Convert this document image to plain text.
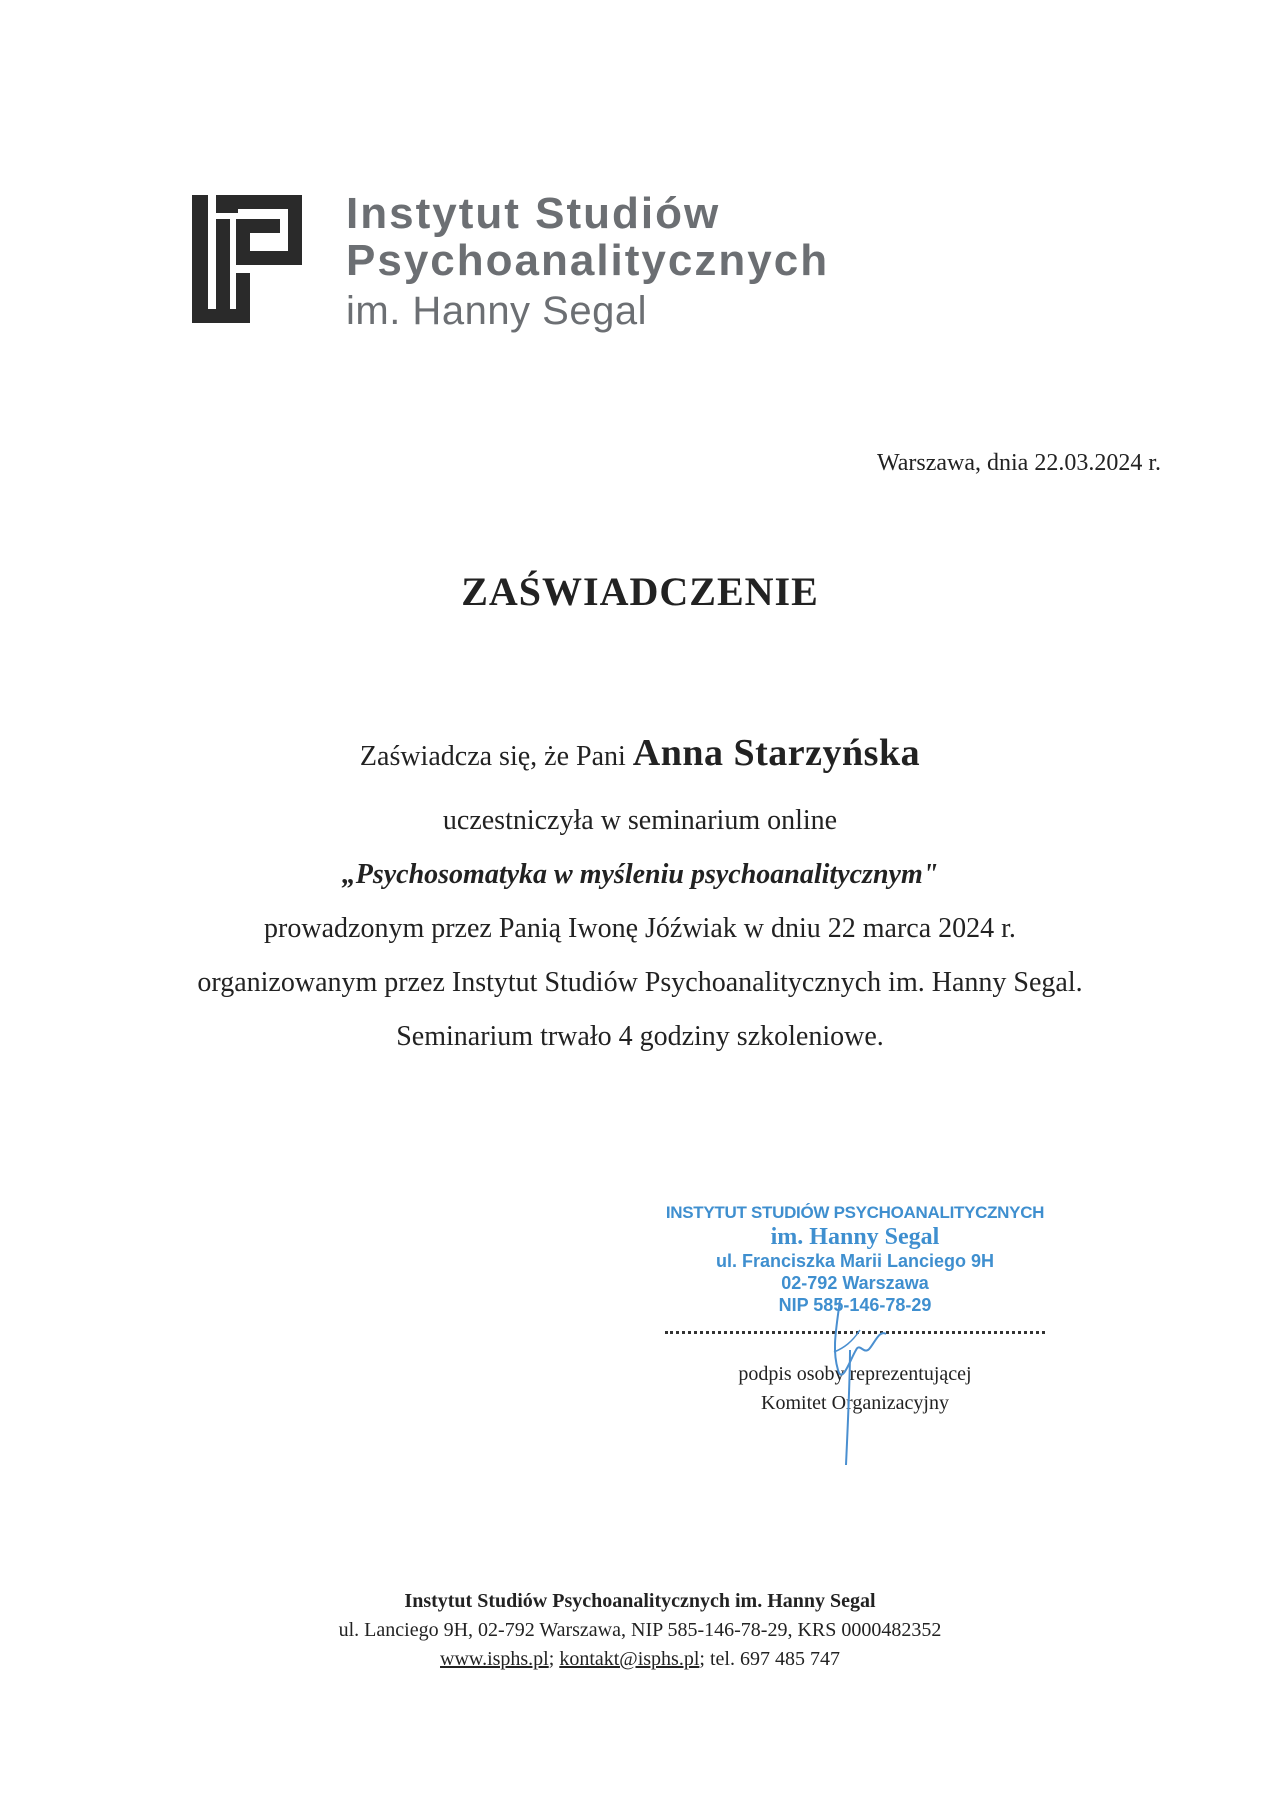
Instytut Studiów
Psychoanalitycznych
im. Hanny Segal
Warszawa, dnia 22.03.2024 r.
ZAŚWIADCZENIE
Zaświadcza się, że Pani Anna Starzyńska
uczestniczyła w seminarium online
„Psychosomatyka w myśleniu psychoanalitycznym"
prowadzonym przez Panią Iwonę Jóźwiak w dniu 22 marca 2024 r.
organizowanym przez Instytut Studiów Psychoanalitycznych im. Hanny Segal.
Seminarium trwało 4 godziny szkoleniowe.
INSTYTUT STUDIÓW PSYCHOANALITYCZNYCH
im. Hanny Segal
ul. Franciszka Marii Lanciego 9H
02-792 Warszawa
NIP 585-146-78-29
podpis osoby reprezentującej
Komitet Organizacyjny
Instytut Studiów Psychoanalitycznych im. Hanny Segal
ul. Lanciego 9H, 02-792 Warszawa, NIP 585-146-78-29, KRS 0000482352
www.isphs.pl; kontakt@isphs.pl; tel. 697 485 747
